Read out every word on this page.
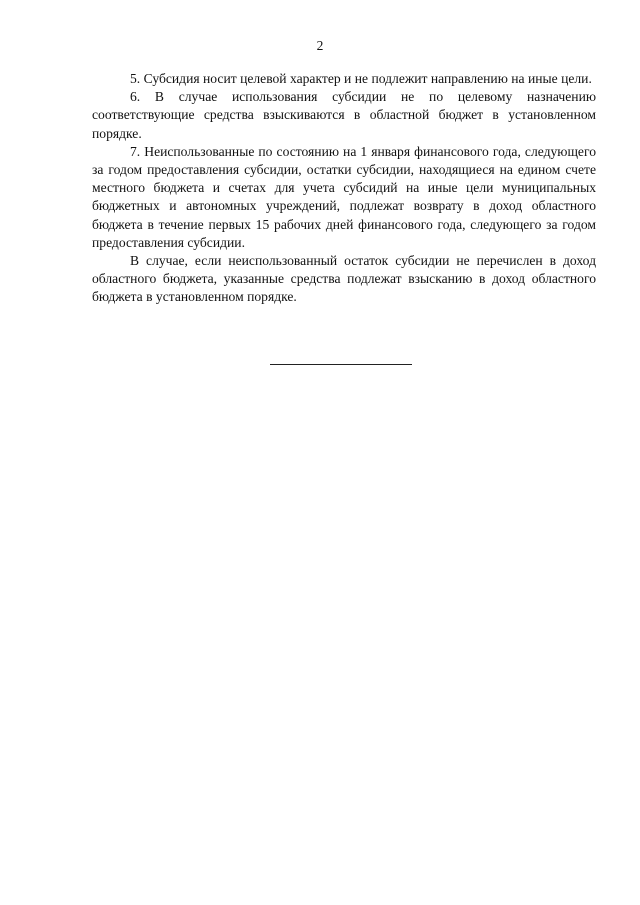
2

5. Субсидия носит целевой характер и не подлежит направлению на иные цели.

6. В случае использования субсидии не по целевому назначению соответствующие средства взыскиваются в областной бюджет в установленном порядке.

7. Неиспользованные по состоянию на 1 января финансового года, следующего за годом предоставления субсидии, остатки субсидии, находящиеся на едином счете местного бюджета и счетах для учета субсидий на иные цели муниципальных бюджетных и автономных учреждений, подлежат возврату в доход областного бюджета в течение первых 15 рабочих дней финансового года, следующего за годом предоставления субсидии.

В случае, если неиспользованный остаток субсидии не перечислен в доход областного бюджета, указанные средства подлежат взысканию в доход областного бюджета в установленном порядке.
